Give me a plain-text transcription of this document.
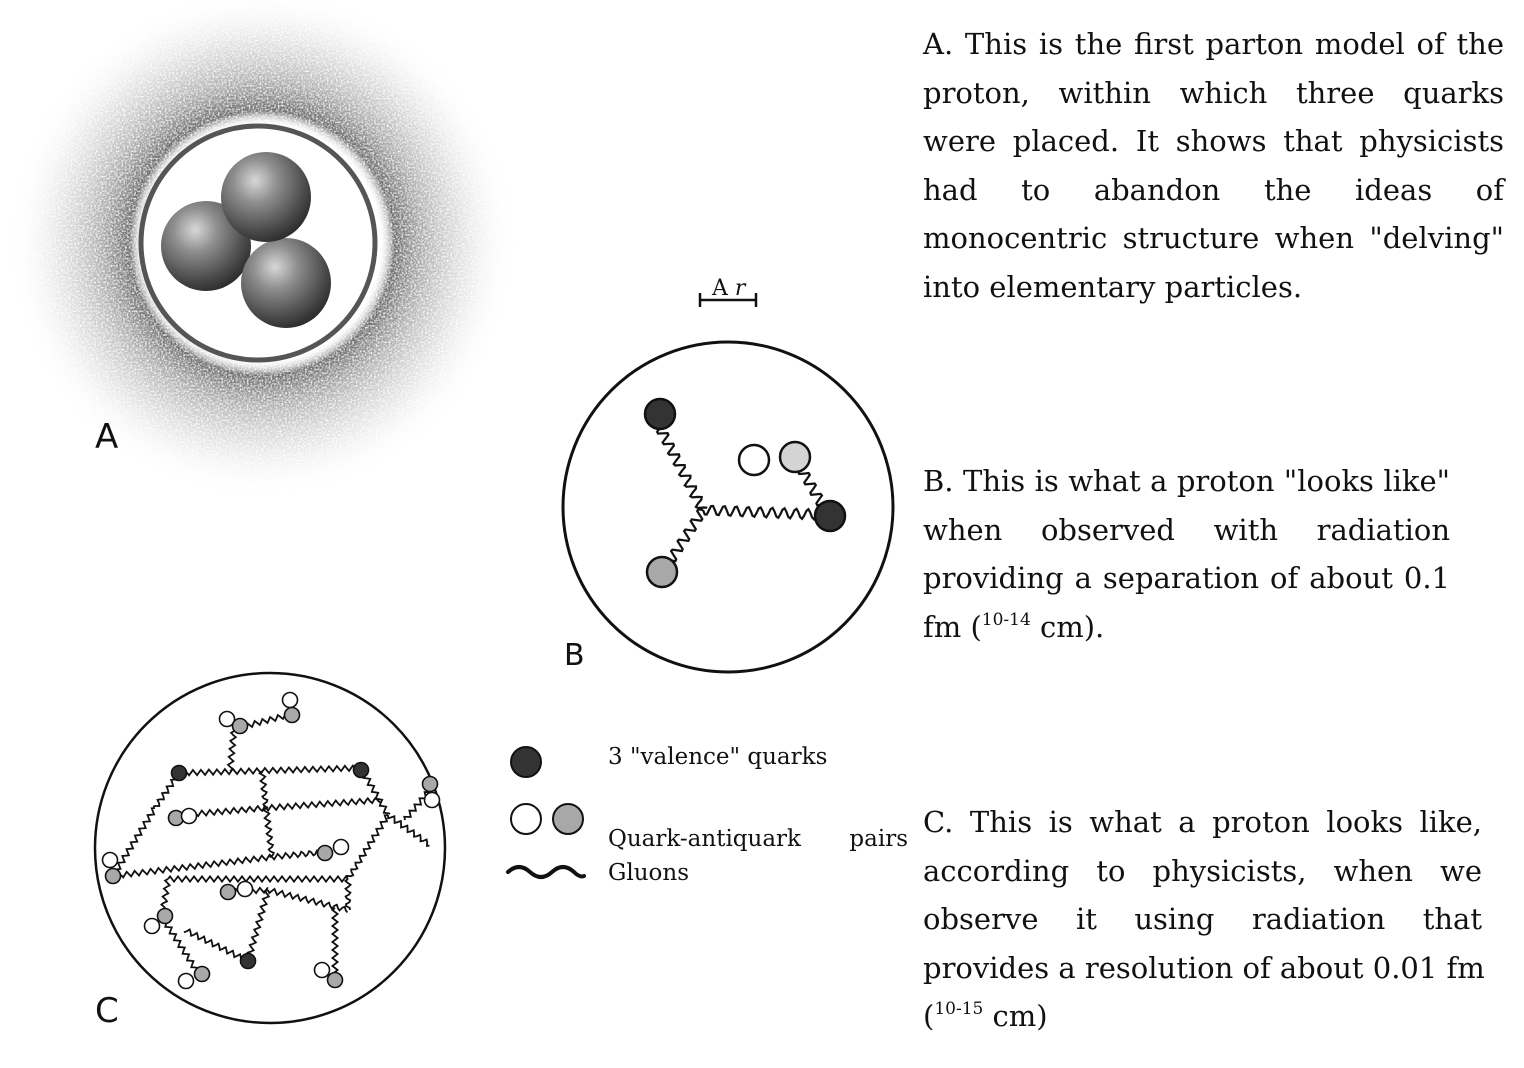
A
A r
B
C
3 "valence" quarks
Quark-antiquark pairs
Gluons
A. This is the first parton model of the
proton, within which three quarks
were placed. It shows that physicists
had to abandon the ideas of
monocentric structure when "delving"
into elementary particles.
B. This is what a proton "looks like"
when observed with radiation
providing a separation of about 0.1
fm ($^{10-14}$ cm).
C. This is what a proton looks like,
according to physicists, when we
observe it using radiation that
provides a resolution of about 0.01 fm
($^{10-15}$ cm)
